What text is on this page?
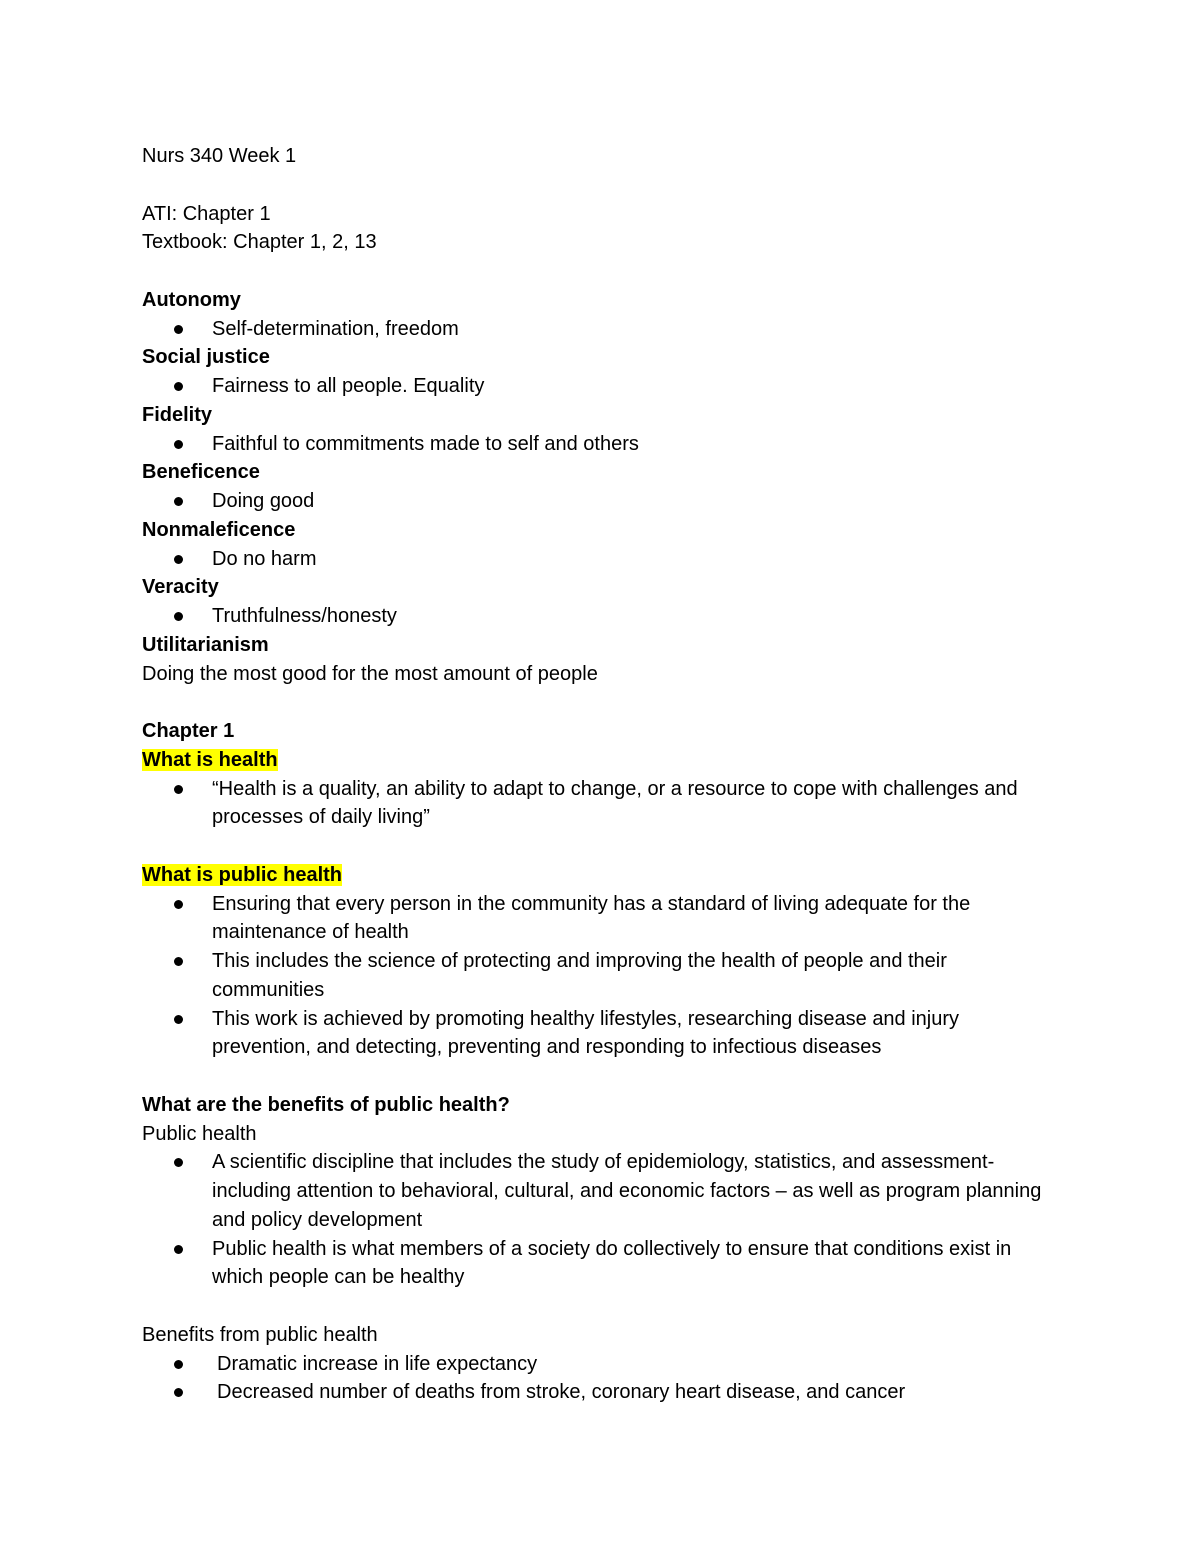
Nurs 340 Week 1
ATI: Chapter 1
Textbook: Chapter 1, 2, 13
Autonomy
Self-determination, freedom
Social justice
Fairness to all people. Equality
Fidelity
Faithful to commitments made to self and others
Beneficence
Doing good
Nonmaleficence
Do no harm
Veracity
Truthfulness/honesty
Utilitarianism
Doing the most good for the most amount of people
Chapter 1
What is health
“Health is a quality, an ability to adapt to change, or a resource to cope with challenges and processes of daily living”
What is public health
Ensuring that every person in the community has a standard of living adequate for the maintenance of health
This includes the science of protecting and improving the health of people and their communities
This work is achieved by promoting healthy lifestyles, researching disease and injury prevention, and detecting, preventing and responding to infectious diseases
What are the benefits of public health?
Public health
A scientific discipline that includes the study of epidemiology, statistics, and assessment- including attention to behavioral, cultural, and economic factors – as well as program planning and policy development
Public health is what members of a society do collectively to ensure that conditions exist in which people can be healthy
Benefits from public health
Dramatic increase in life expectancy
Decreased number of deaths from stroke, coronary heart disease, and cancer
